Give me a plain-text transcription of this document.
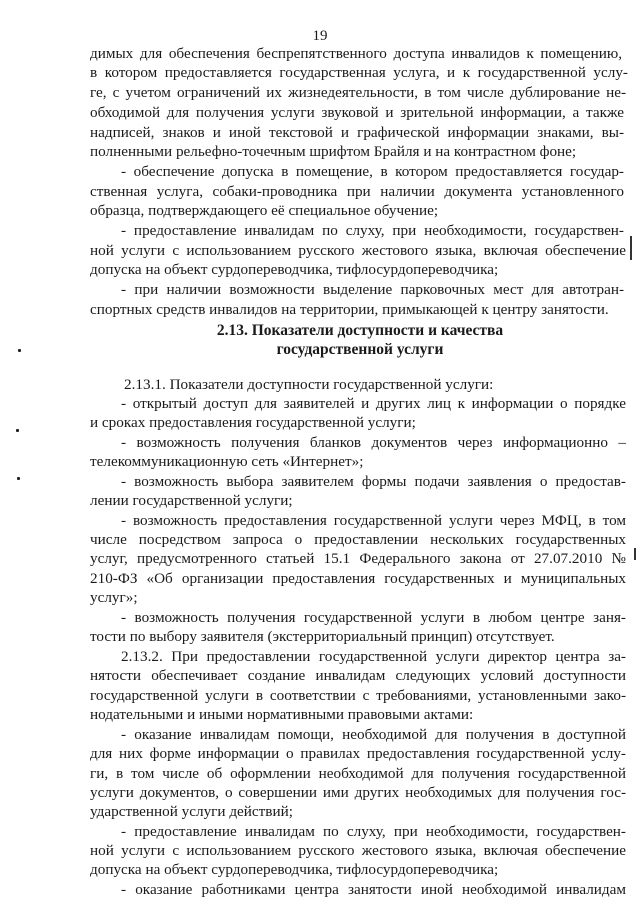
19
димых для обеспечения беспрепятственного доступа инвалидов к помещению,
в котором предоставляется государственная услуга, и к государственной услу-
ге, с учетом ограничений их жизнедеятельности, в том числе дублирование не-
обходимой для получения услуги звуковой и зрительной информации, а также
надписей, знаков и иной текстовой и графической информации знаками, вы-
полненными рельефно-точечным шрифтом Брайля и на контрастном фоне;
- обеспечение допуска в помещение, в котором предоставляется государ-
ственная услуга, собаки-проводника при наличии документа установленного
образца, подтверждающего её специальное обучение;
- предоставление инвалидам по слуху, при необходимости, государствен-
ной услуги с использованием русского жестового языка, включая обеспечение
допуска на объект сурдопереводчика, тифлосурдопереводчика;
- при наличии возможности выделение парковочных мест для автотран-
спортных средств инвалидов на территории, примыкающей к центру занятости.
2.13. Показатели доступности и качества
государственной услуги
2.13.1. Показатели доступности государственной услуги:
- открытый доступ для заявителей и других лиц к информации о порядке
и сроках предоставления государственной услуги;
- возможность получения бланков документов через информационно –
телекоммуникационную сеть «Интернет»;
- возможность выбора заявителем формы подачи заявления о предостав-
лении государственной услуги;
- возможность предоставления государственной услуги через МФЦ, в том
числе посредством запроса о предоставлении нескольких государственных
услуг, предусмотренного статьей 15.1 Федерального закона от 27.07.2010 №
210-ФЗ «Об организации предоставления государственных и муниципальных
услуг»;
- возможность получения государственной услуги в любом центре заня-
тости по выбору заявителя (экстерриториальный принцип) отсутствует.
2.13.2. При предоставлении государственной услуги директор центра за-
нятости обеспечивает создание инвалидам следующих условий доступности
государственной услуги в соответствии с требованиями, установленными зако-
нодательными и иными нормативными правовыми актами:
- оказание инвалидам помощи, необходимой для получения в доступной
для них форме информации о правилах предоставления государственной услу-
ги, в том числе об оформлении необходимой для получения государственной
услуги документов, о совершении ими других необходимых для получения гос-
ударственной услуги действий;
- предоставление инвалидам по слуху, при необходимости, государствен-
ной услуги с использованием русского жестового языка, включая обеспечение
допуска на объект сурдопереводчика, тифлосурдопереводчика;
- оказание работниками центра занятости иной необходимой инвалидам
